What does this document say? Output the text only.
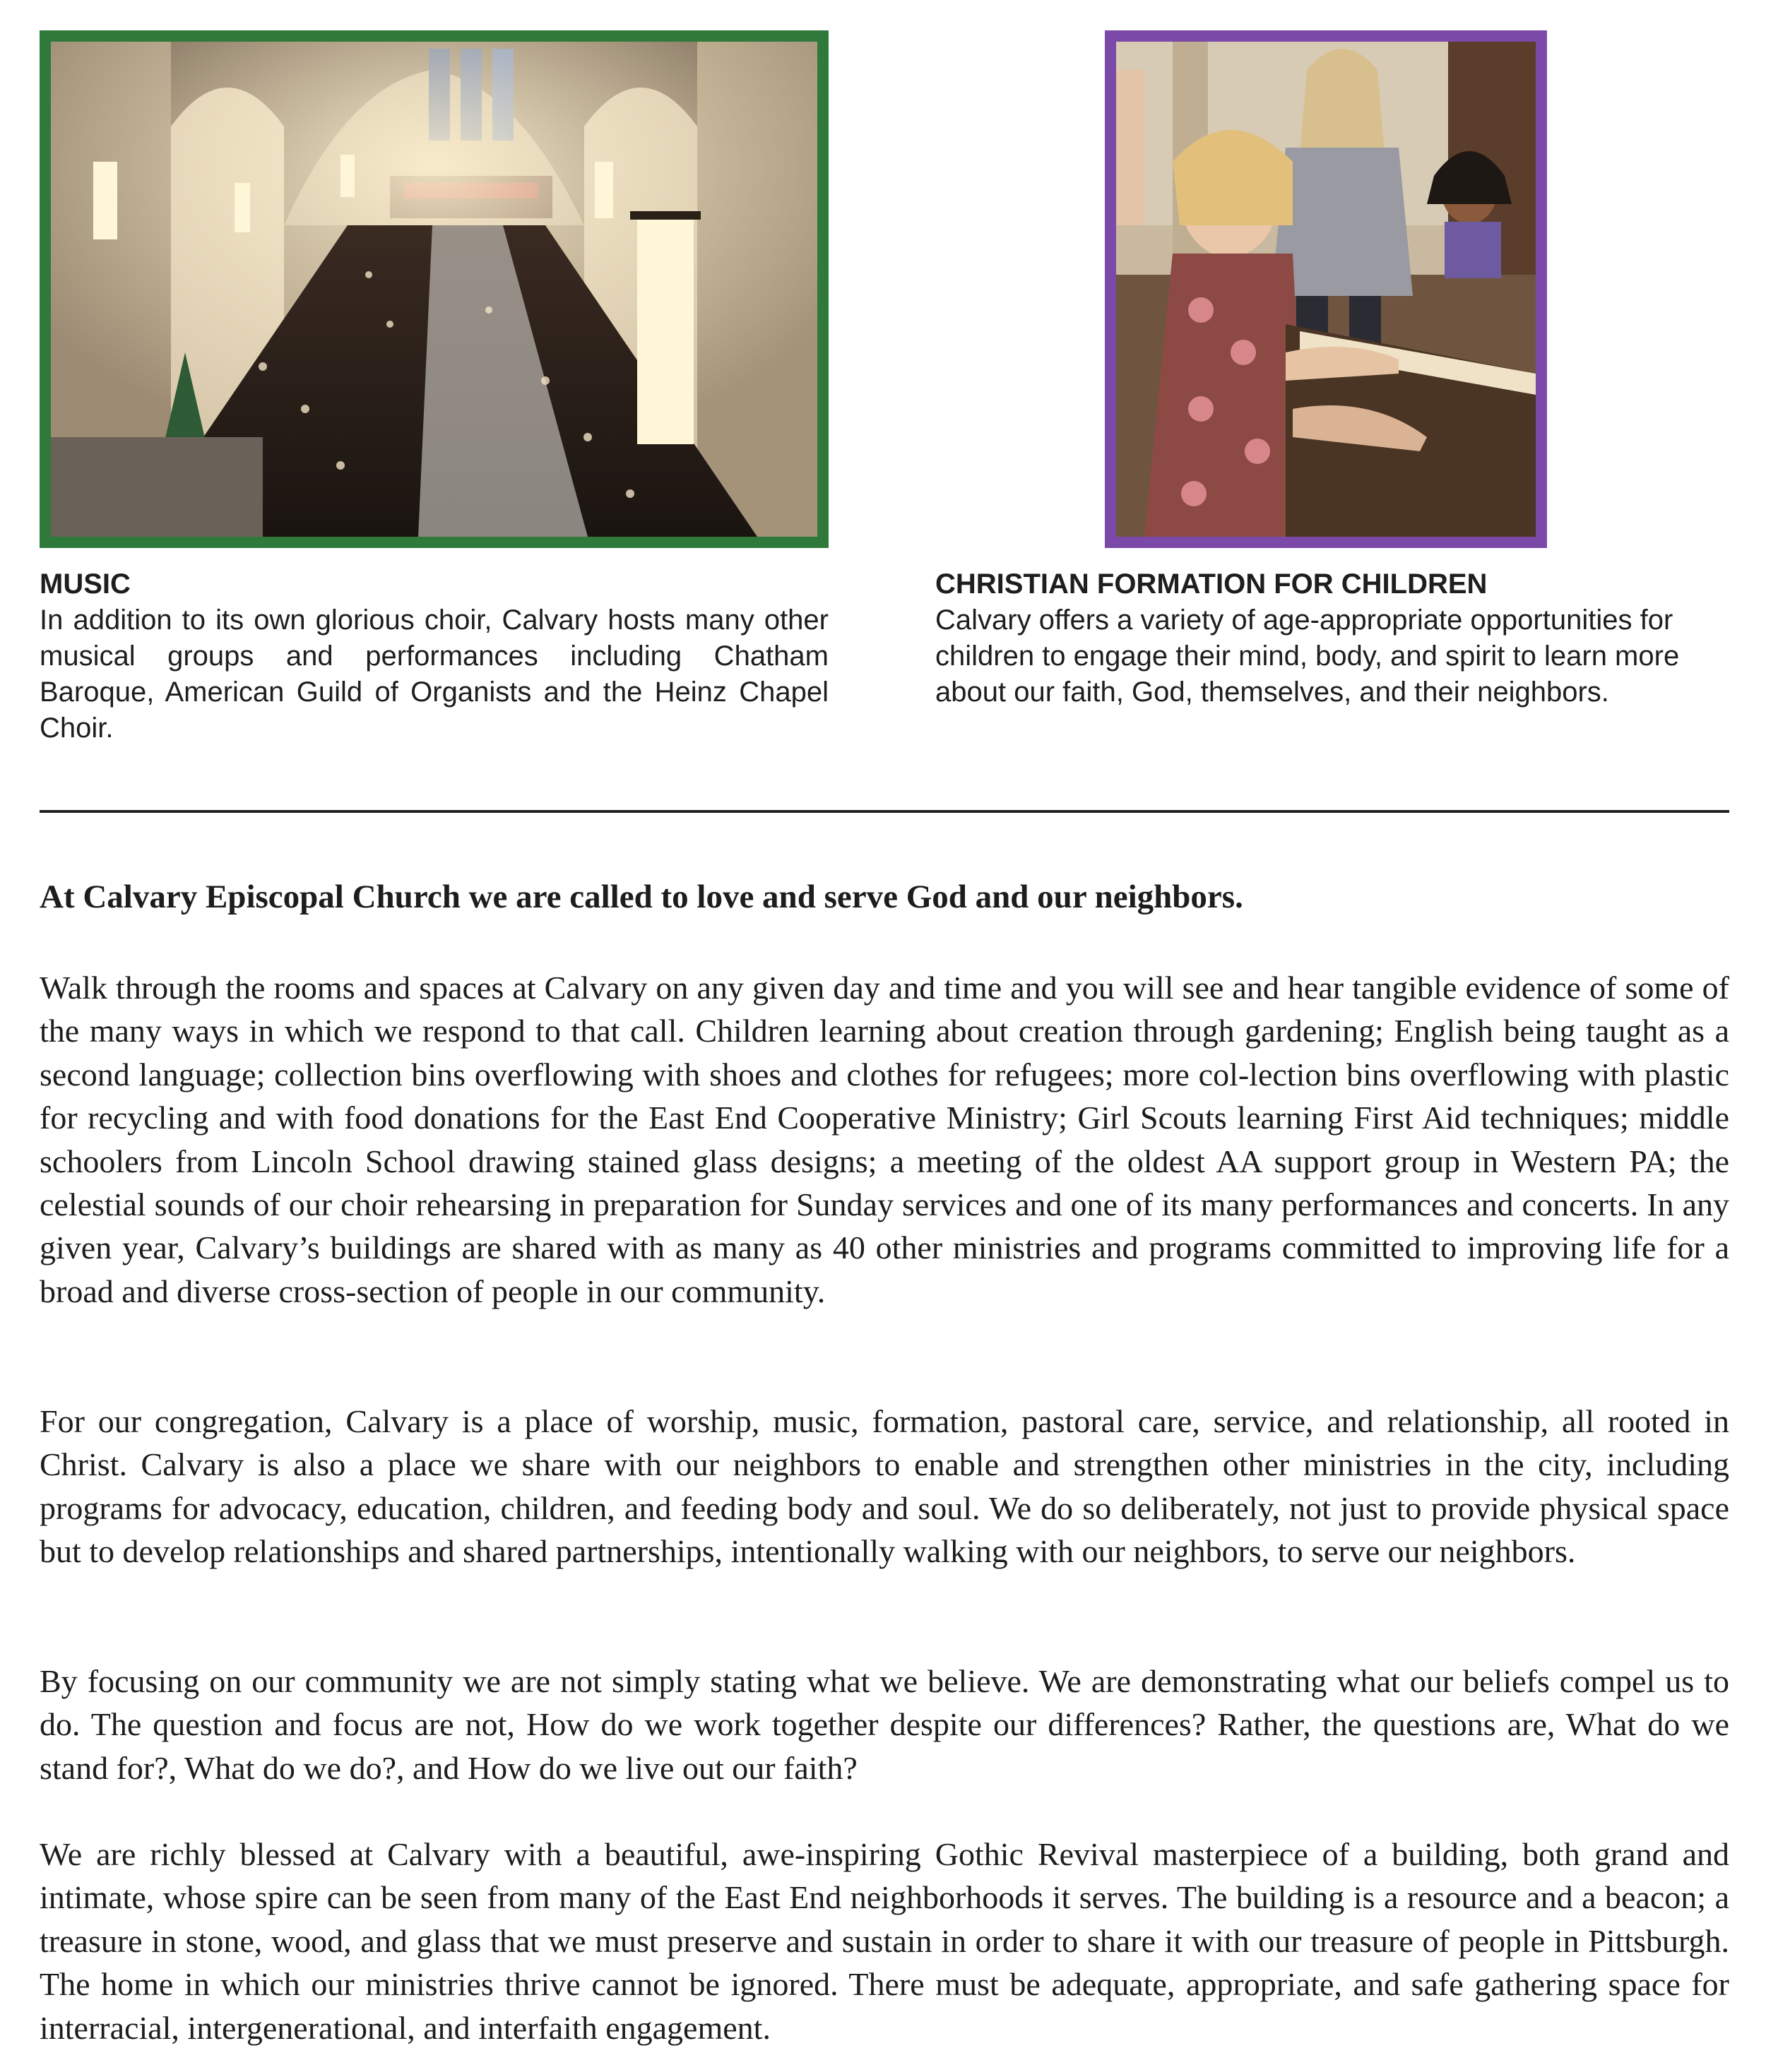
MUSIC

In addition to its own glorious choir, Calvary hosts many other musical groups and performances including Chatham Baroque, American Guild of Organists and the Heinz Chapel Choir.

CHRISTIAN FORMATION FOR CHILDREN

Calvary offers a variety of age-appropriate opportunities for children to engage their mind, body, and spirit to learn more about our faith, God, themselves, and their neighbors.

At Calvary Episcopal Church we are called to love and serve God and our neighbors.

Walk through the rooms and spaces at Calvary on any given day and time and you will see and hear tangible evidence of some of the many ways in which we respond to that call. Children learning about creation through gardening; English being taught as a second language; collection bins overflowing with shoes and clothes for refugees; more col-lection bins overflowing with plastic for recycling and with food donations for the East End Cooperative Ministry; Girl Scouts learning First Aid techniques; middle schoolers from Lincoln School drawing stained glass designs; a meeting of the oldest AA support group in Western PA; the celestial sounds of our choir rehearsing in preparation for Sunday services and one of its many performances and concerts. In any given year, Calvary’s buildings are shared with as many as 40 other ministries and programs committed to improving life for a broad and diverse cross-section of people in our community.

For our congregation, Calvary is a place of worship, music, formation, pastoral care, service, and relationship, all rooted in Christ. Calvary is also a place we share with our neighbors to enable and strengthen other ministries in the city, including programs for advocacy, education, children, and feeding body and soul. We do so deliberately, not just to provide physical space but to develop relationships and shared partnerships, intentionally walking with our neighbors, to serve our neighbors.

By focusing on our community we are not simply stating what we believe. We are demonstrating what our beliefs compel us to do. The question and focus are not, How do we work together despite our differences? Rather, the questions are, What do we stand for?, What do we do?, and How do we live out our faith?

We are richly blessed at Calvary with a beautiful, awe-inspiring Gothic Revival masterpiece of a building, both grand and intimate, whose spire can be seen from many of the East End neighborhoods it serves. The building is a resource and a beacon; a treasure in stone, wood, and glass that we must preserve and sustain in order to share it with our treasure of people in Pittsburgh. The home in which our ministries thrive cannot be ignored. There must be adequate, appropriate, and safe gathering space for interracial, intergenerational, and interfaith engagement.
